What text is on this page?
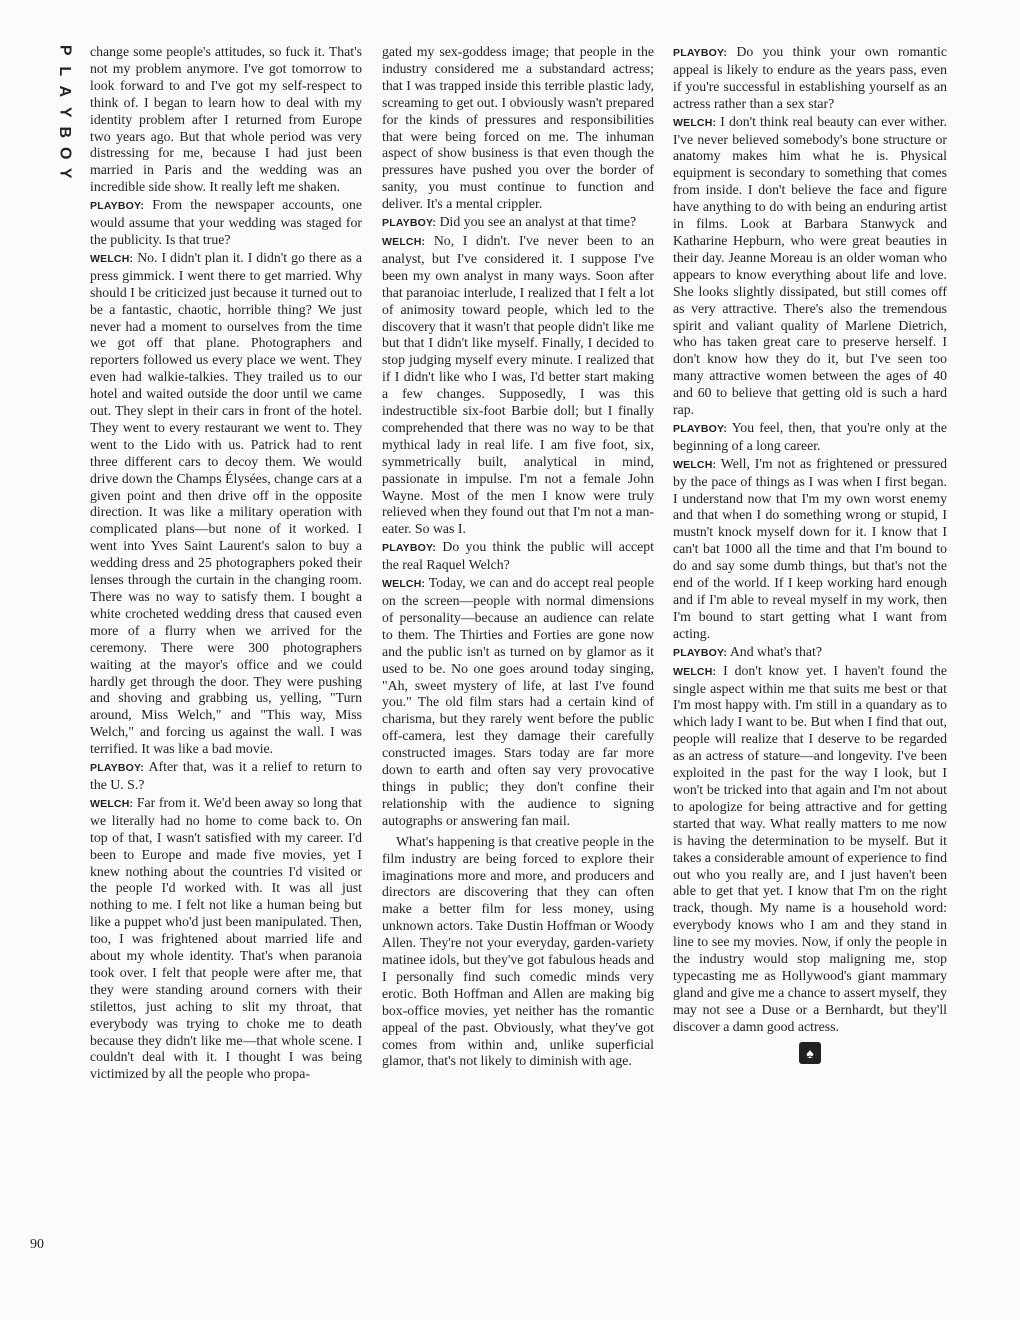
P
L
A
Y
B
O
Y
90

change some people's attitudes, so fuck it. That's not my problem anymore. I've got tomorrow to look forward to and I've got my self-respect to think of. I began to learn how to deal with my identity problem after I returned from Europe two years ago. But that whole period was very distressing for me, because I had just been married in Paris and the wedding was an incredible side show. It really left me shaken.

PLAYBOY: From the newspaper accounts, one would assume that your wedding was staged for the publicity. Is that true?

WELCH: No. I didn't plan it. I didn't go there as a press gimmick. I went there to get married. Why should I be criticized just because it turned out to be a fantastic, chaotic, horrible thing? We just never had a moment to ourselves from the time we got off that plane. Photographers and reporters followed us every place we went. They even had walkie-talkies. They trailed us to our hotel and waited outside the door until we came out. They slept in their cars in front of the hotel. They went to every restaurant we went to. They went to the Lido with us. Patrick had to rent three different cars to decoy them. We would drive down the Champs Élysées, change cars at a given point and then drive off in the opposite direction. It was like a military operation with complicated plans—but none of it worked. I went into Yves Saint Laurent's salon to buy a wedding dress and 25 photographers poked their lenses through the curtain in the changing room. There was no way to satisfy them. I bought a white crocheted wedding dress that caused even more of a flurry when we arrived for the ceremony. There were 300 photographers waiting at the mayor's office and we could hardly get through the door. They were pushing and shoving and grabbing us, yelling, "Turn around, Miss Welch," and "This way, Miss Welch," and forcing us against the wall. I was terrified. It was like a bad movie.

PLAYBOY: After that, was it a relief to return to the U. S.?

WELCH: Far from it. We'd been away so long that we literally had no home to come back to. On top of that, I wasn't satisfied with my career. I'd been to Europe and made five movies, yet I knew nothing about the countries I'd visited or the people I'd worked with. It was all just nothing to me. I felt not like a human being but like a puppet who'd just been manipulated. Then, too, I was frightened about married life and about my whole identity. That's when paranoia took over. I felt that people were after me, that they were standing around corners with their stilettos, just aching to slit my throat, that everybody was trying to choke me to death because they didn't like me—that whole scene. I couldn't deal with it. I thought I was being victimized by all the people who propa-

gated my sex-goddess image; that people in the industry considered me a substandard actress; that I was trapped inside this terrible plastic lady, screaming to get out. I obviously wasn't prepared for the kinds of pressures and responsibilities that were being forced on me. The inhuman aspect of show business is that even though the pressures have pushed you over the border of sanity, you must continue to function and deliver. It's a mental crippler.

PLAYBOY: Did you see an analyst at that time?

WELCH: No, I didn't. I've never been to an analyst, but I've considered it. I suppose I've been my own analyst in many ways. Soon after that paranoiac interlude, I realized that I felt a lot of animosity toward people, which led to the discovery that it wasn't that people didn't like me but that I didn't like myself. Finally, I decided to stop judging myself every minute. I realized that if I didn't like who I was, I'd better start making a few changes. Supposedly, I was this indestructible six-foot Barbie doll; but I finally comprehended that there was no way to be that mythical lady in real life. I am five foot, six, symmetrically built, analytical in mind, passionate in impulse. I'm not a female John Wayne. Most of the men I know were truly relieved when they found out that I'm not a man-eater. So was I.

PLAYBOY: Do you think the public will accept the real Raquel Welch?

WELCH: Today, we can and do accept real people on the screen—people with normal dimensions of personality—because an audience can relate to them. The Thirties and Forties are gone now and the public isn't as turned on by glamor as it used to be. No one goes around today singing, "Ah, sweet mystery of life, at last I've found you." The old film stars had a certain kind of charisma, but they rarely went before the public off-camera, lest they damage their carefully constructed images. Stars today are far more down to earth and often say very provocative things in public; they don't confine their relationship with the audience to signing autographs or answering fan mail.

What's happening is that creative people in the film industry are being forced to explore their imaginations more and more, and producers and directors are discovering that they can often make a better film for less money, using unknown actors. Take Dustin Hoffman or Woody Allen. They're not your everyday, garden-variety matinee idols, but they've got fabulous heads and I personally find such comedic minds very erotic. Both Hoffman and Allen are making big box-office movies, yet neither has the romantic appeal of the past. Obviously, what they've got comes from within and, unlike superficial glamor, that's not likely to diminish with age.

PLAYBOY: Do you think your own romantic appeal is likely to endure as the years pass, even if you're successful in establishing yourself as an actress rather than a sex star?

WELCH: I don't think real beauty can ever wither. I've never believed somebody's bone structure or anatomy makes him what he is. Physical equipment is secondary to something that comes from inside. I don't believe the face and figure have anything to do with being an enduring artist in films. Look at Barbara Stanwyck and Katharine Hepburn, who were great beauties in their day. Jeanne Moreau is an older woman who appears to know everything about life and love. She looks slightly dissipated, but still comes off as very attractive. There's also the tremendous spirit and valiant quality of Marlene Dietrich, who has taken great care to preserve herself. I don't know how they do it, but I've seen too many attractive women between the ages of 40 and 60 to believe that getting old is such a hard rap.

PLAYBOY: You feel, then, that you're only at the beginning of a long career.

WELCH: Well, I'm not as frightened or pressured by the pace of things as I was when I first began. I understand now that I'm my own worst enemy and that when I do something wrong or stupid, I mustn't knock myself down for it. I know that I can't bat 1000 all the time and that I'm bound to do and say some dumb things, but that's not the end of the world. If I keep working hard enough and if I'm able to reveal myself in my work, then I'm bound to start getting what I want from acting.

PLAYBOY: And what's that?

WELCH: I don't know yet. I haven't found the single aspect within me that suits me best or that I'm most happy with. I'm still in a quandary as to which lady I want to be. But when I find that out, people will realize that I deserve to be regarded as an actress of stature—and longevity. I've been exploited in the past for the way I look, but I won't be tricked into that again and I'm not about to apologize for being attractive and for getting started that way. What really matters to me now is having the determination to be myself. But it takes a considerable amount of experience to find out who you really are, and I just haven't been able to get that yet. I know that I'm on the right track, though. My name is a household word: everybody knows who I am and they stand in line to see my movies. Now, if only the people in the industry would stop maligning me, stop typecasting me as Hollywood's giant mammary gland and give me a chance to assert myself, they may not see a Duse or a Bernhardt, but they'll discover a damn good actress.

♠
